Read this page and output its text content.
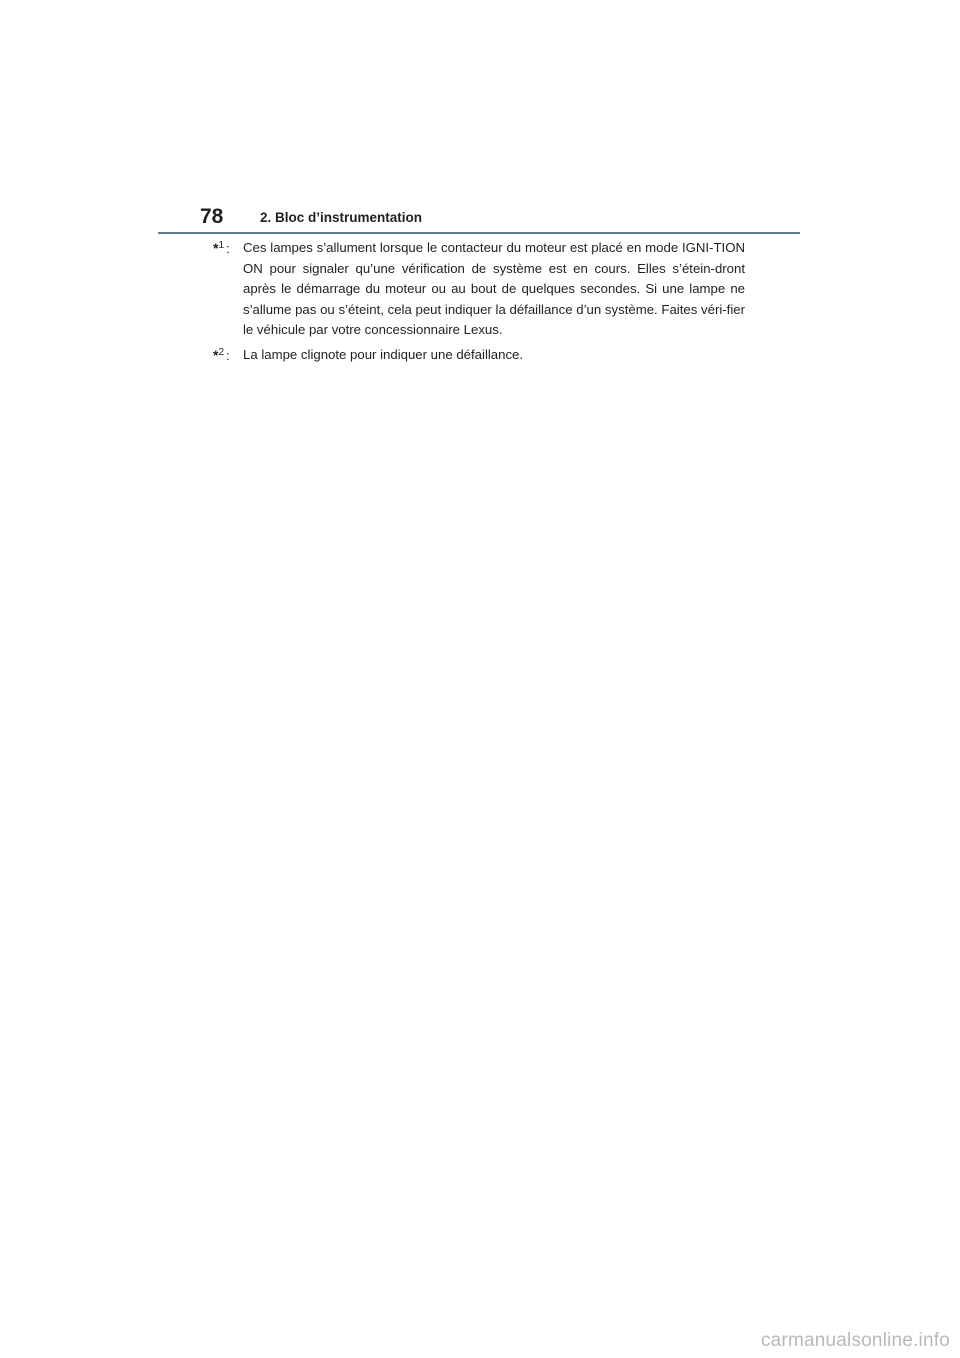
78	2. Bloc d’instrumentation
*$^1$ : Ces lampes s’allument lorsque le contacteur du moteur est placé en mode IGNI-TION ON pour signaler qu’une vérification de système est en cours. Elles s’étein-dront après le démarrage du moteur ou au bout de quelques secondes. Si une lampe ne s’allume pas ou s’éteint, cela peut indiquer la défaillance d’un système. Faites véri-fier le véhicule par votre concessionnaire Lexus.
*$^2$ : La lampe clignote pour indiquer une défaillance.
carmanualsonline.info
